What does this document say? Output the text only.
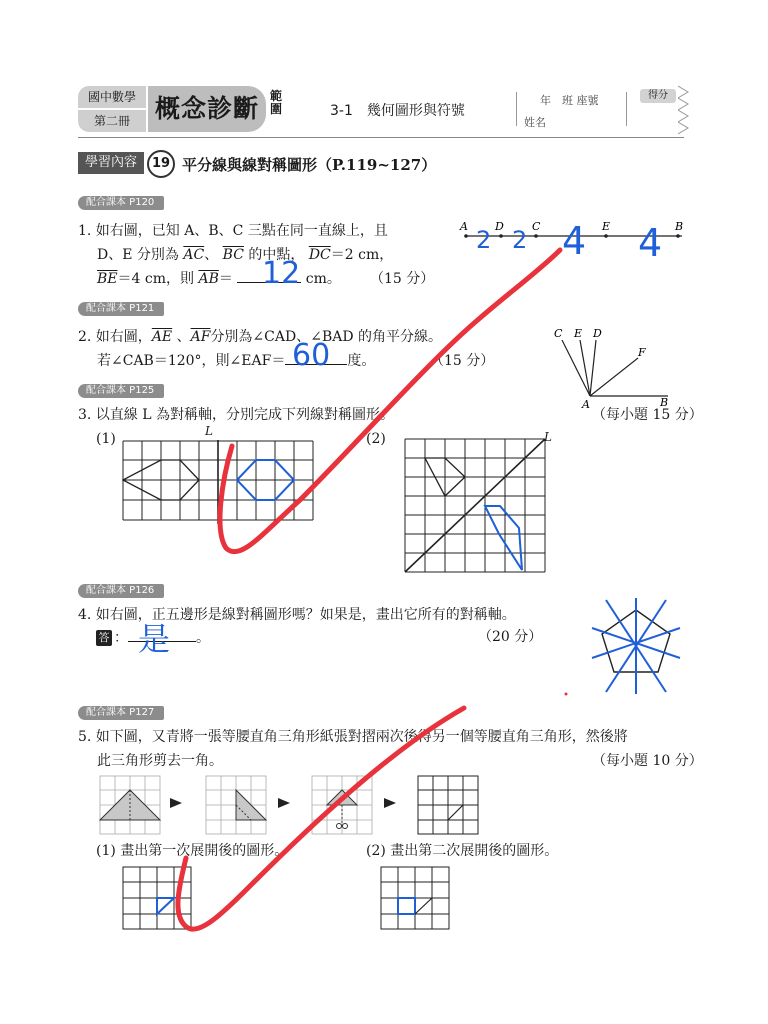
國中數學
第二冊 概念診斷 範圍	3-1　幾何圖形與符號
年　班 座號
姓名
得分
學習內容	19 平分線與線對稱圖形（P.119~127）
配合課本 P120
1. 如右圖，已知 A、B、C 三點在同一直線上，且
D、E 分別為 $\overline{AC}$、 $\overline{BC}$ 的中點， $\overline{DC}=2$ cm，
$\overline{BE}=4$ cm，則 $\overline{AB}=$	cm。 （15 分）
12
A D	C	E	B
2 2 4 4
配合課本 P121
2. 如右圖，$\overline{AE}$ 、$\overline{AF}$分別為∠CAD、∠BAD 的角平分線。
若∠CAB＝120°，則∠EAF＝	度。	（15 分）
60
C E D
F
A	B
配合課本 P125
3. 以直線 L 為對稱軸，分別完成下列線對稱圖形。	（每小題 15 分）
(1)	(2)
L	L
配合課本 P126
4. 如右圖，正五邊形是線對稱圖形嗎？如果是，畫出它所有的對稱軸。
答 ：	。	（20 分）
是
配合課本 P127
5. 如下圖，又青將一張等腰直角三角形紙張對摺兩次後得另一個等腰直角三角形，然後將
此三角形剪去一角。	（每小題 10 分）
(1) 畫出第一次展開後的圖形。	(2) 畫出第二次展開後的圖形。
